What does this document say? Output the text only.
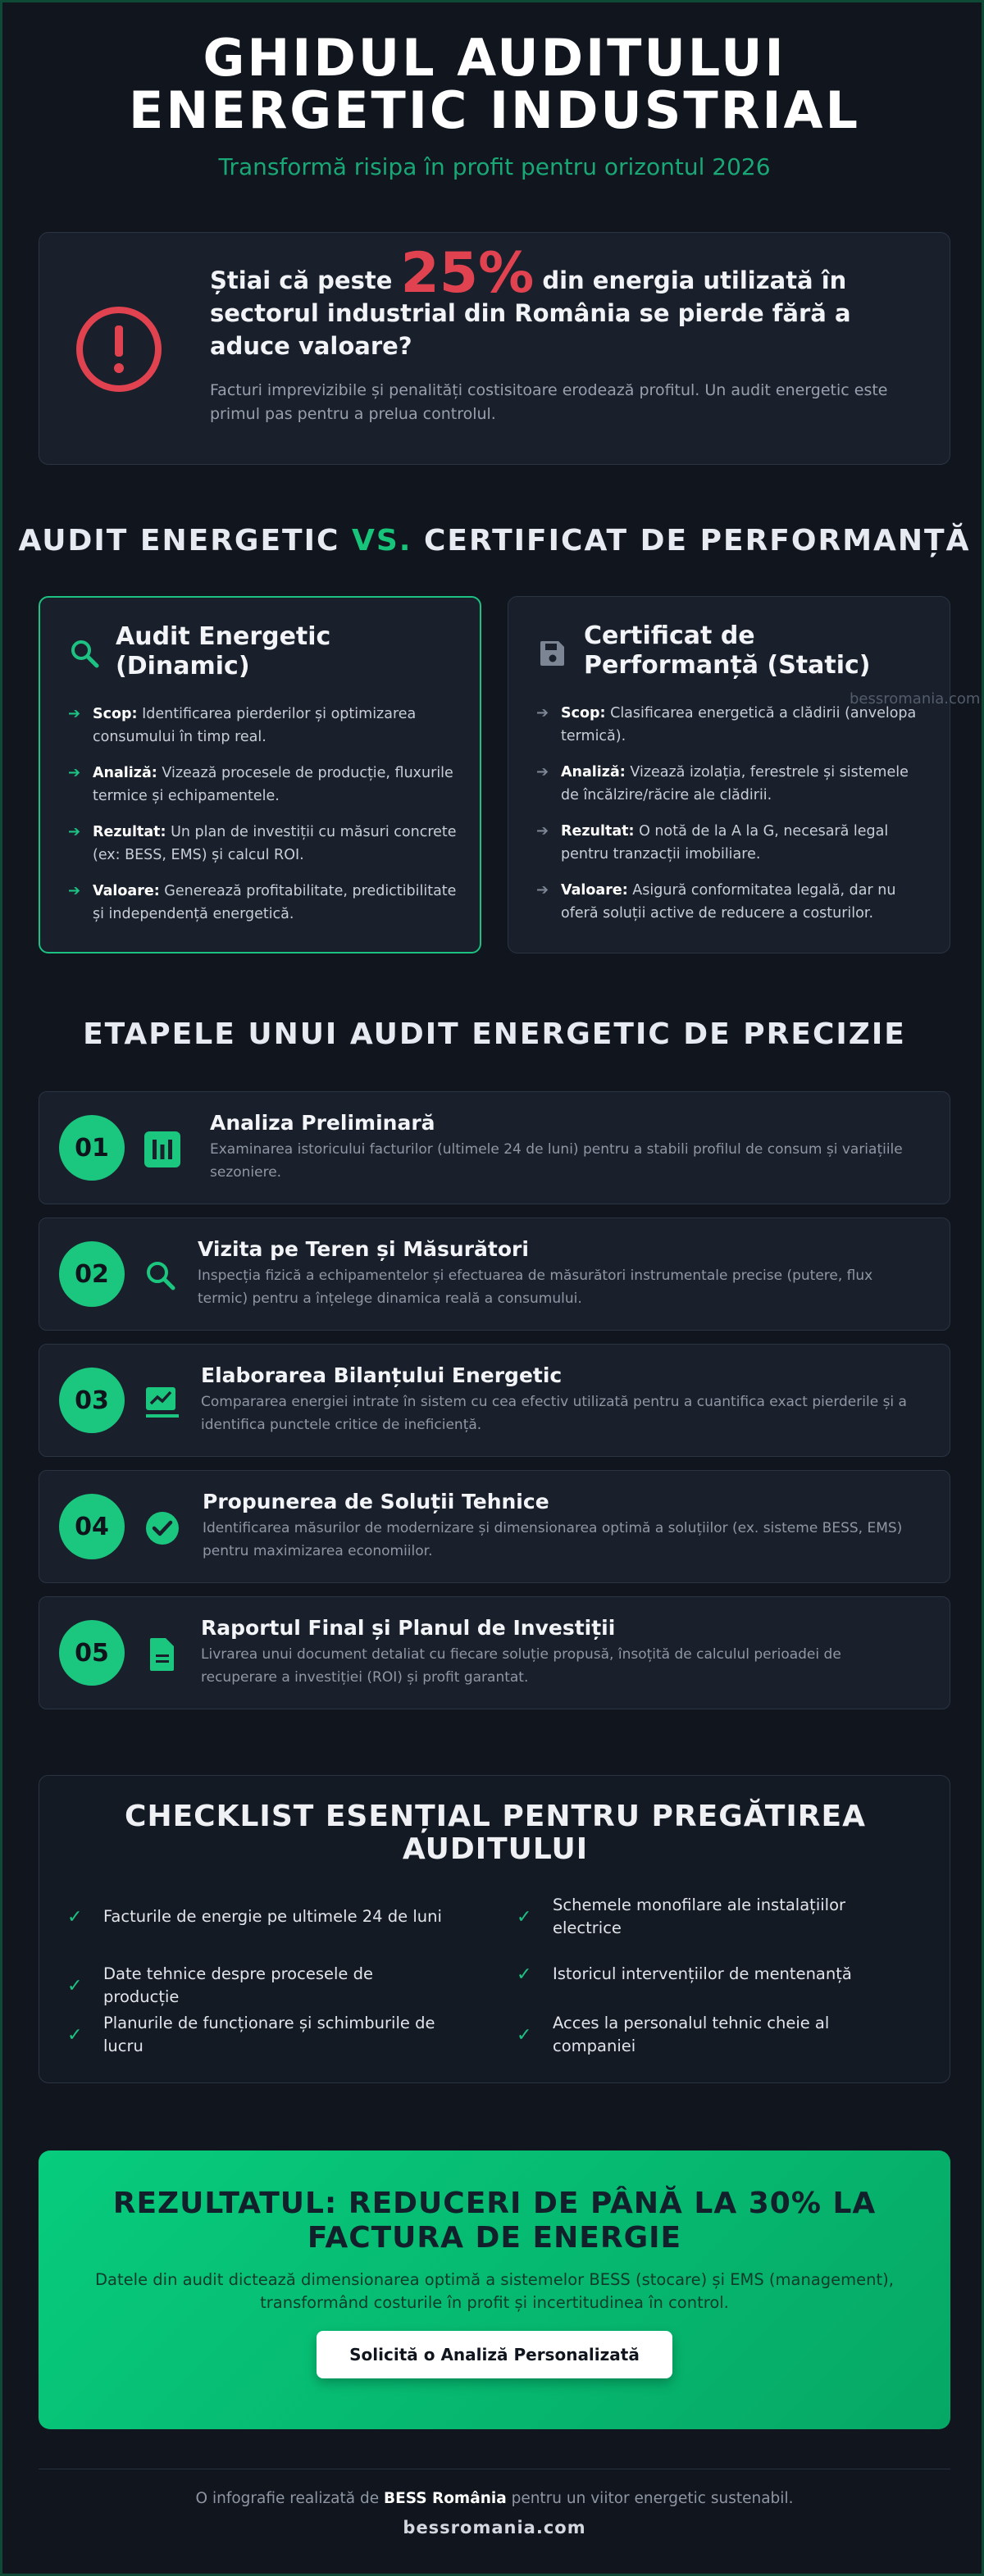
GHIDUL AUDITULUI
ENERGETIC INDUSTRIAL
Transformă risipa în profit pentru orizontul 2026
Știai că peste 25% din energia utilizată în sectorul industrial din România se pierde fără a aduce valoare?
Facturi imprevizibile și penalități costisitoare erodează profitul. Un audit energetic este primul pas pentru a prelua controlul.
AUDIT ENERGETIC VS. CERTIFICAT DE PERFORMANȚĂ
Audit Energetic (Dinamic)
➔ Scop: Identificarea pierderilor și optimizarea consumului în timp real.
➔ Analiză: Vizează procesele de producție, fluxurile termice și echipamentele.
➔ Rezultat: Un plan de investiții cu măsuri concrete (ex: BESS, EMS) și calcul ROI.
➔ Valoare: Generează profitabilitate, predictibilitate și independență energetică.
Certificat de Performanță (Static)
bessromania.com
➔ Scop: Clasificarea energetică a clădirii (anvelopa termică).
➔ Analiză: Vizează izolația, ferestrele și sistemele de încălzire/răcire ale clădirii.
➔ Rezultat: O notă de la A la G, necesară legal pentru tranzacții imobiliare.
➔ Valoare: Asigură conformitatea legală, dar nu oferă soluții active de reducere a costurilor.
ETAPELE UNUI AUDIT ENERGETIC DE PRECIZIE
01
Analiza Preliminară
Examinarea istoricului facturilor (ultimele 24 de luni) pentru a stabili profilul de consum și variațiile sezoniere.
02
Vizita pe Teren și Măsurători
Inspecția fizică a echipamentelor și efectuarea de măsurători instrumentale precise (putere, flux termic) pentru a înțelege dinamica reală a consumului.
03
Elaborarea Bilanțului Energetic
Compararea energiei intrate în sistem cu cea efectiv utilizată pentru a cuantifica exact pierderile și a identifica punctele critice de ineficiență.
04
Propunerea de Soluții Tehnice
Identificarea măsurilor de modernizare și dimensionarea optimă a soluțiilor (ex. sisteme BESS, EMS) pentru maximizarea economiilor.
05
Raportul Final și Planul de Investiții
Livrarea unui document detaliat cu fiecare soluție propusă, însoțită de calculul perioadei de recuperare a investiției (ROI) și profit garantat.
CHECKLIST ESENȚIAL PENTRU PREGĂTIREA AUDITULUI
✓	Facturile de energie pe ultimele 24 de luni	✓
Schemele monofilare ale instalațiilor electrice
✓
Date tehnice despre procesele de producție
✓	Istoricul intervențiilor de mentenanță
✓
Planurile de funcționare și schimburile de lucru
✓
Acces la personalul tehnic cheie al companiei
REZULTATUL: REDUCERI DE PÂNĂ LA 30% LA FACTURA DE ENERGIE
Datele din audit dictează dimensionarea optimă a sistemelor BESS (stocare) și EMS (management), transformând costurile în profit și incertitudinea în control.
Solicită o Analiză Personalizată
O infografie realizată de BESS România pentru un viitor energetic sustenabil.
bessromania.com
